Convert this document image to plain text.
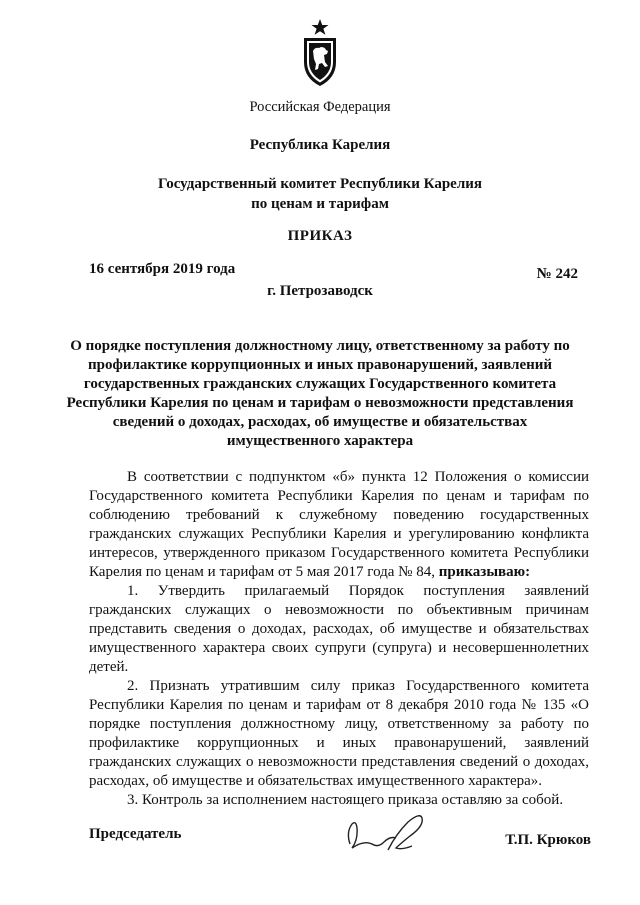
Российская Федерация
Республика Карелия
Государственный комитет Республики Карелия
по ценам и тарифам
ПРИКАЗ
16 сентября 2019 года	№ 242
г. Петрозаводск
О порядке поступления должностному лицу, ответственному за работу по профилактике коррупционных и иных правонарушений, заявлений государственных гражданских служащих Государственного комитета Республики Карелия по ценам и тарифам о невозможности представления сведений о доходах, расходах, об имуществе и обязательствах имущественного характера

В соответствии с подпунктом «б» пункта 12 Положения о комиссии Государственного комитета Республики Карелия по ценам и тарифам по соблюдению требований к служебному поведению государственных гражданских служащих Республики Карелия и урегулированию конфликта интересов, утвержденного приказом Государственного комитета Республики Карелия по ценам и тарифам от 5 мая 2017 года № 84, приказываю:

1. Утвердить прилагаемый Порядок поступления заявлений гражданских служащих о невозможности по объективным причинам представить сведения о доходах, расходах, об имуществе и обязательствах имущественного характера своих супруги (супруга) и несовершеннолетних детей.

2. Признать утратившим силу приказ Государственного комитета Республики Карелия по ценам и тарифам от 8 декабря 2010 года № 135 «О порядке поступления должностному лицу, ответственному за работу по профилактике коррупционных и иных правонарушений, заявлений гражданских служащих о невозможности представления сведений о доходах, расходах, об имуществе и обязательствах имущественного характера».

3. Контроль за исполнением настоящего приказа оставляю за собой.

Председатель	Т.П. Крюков
